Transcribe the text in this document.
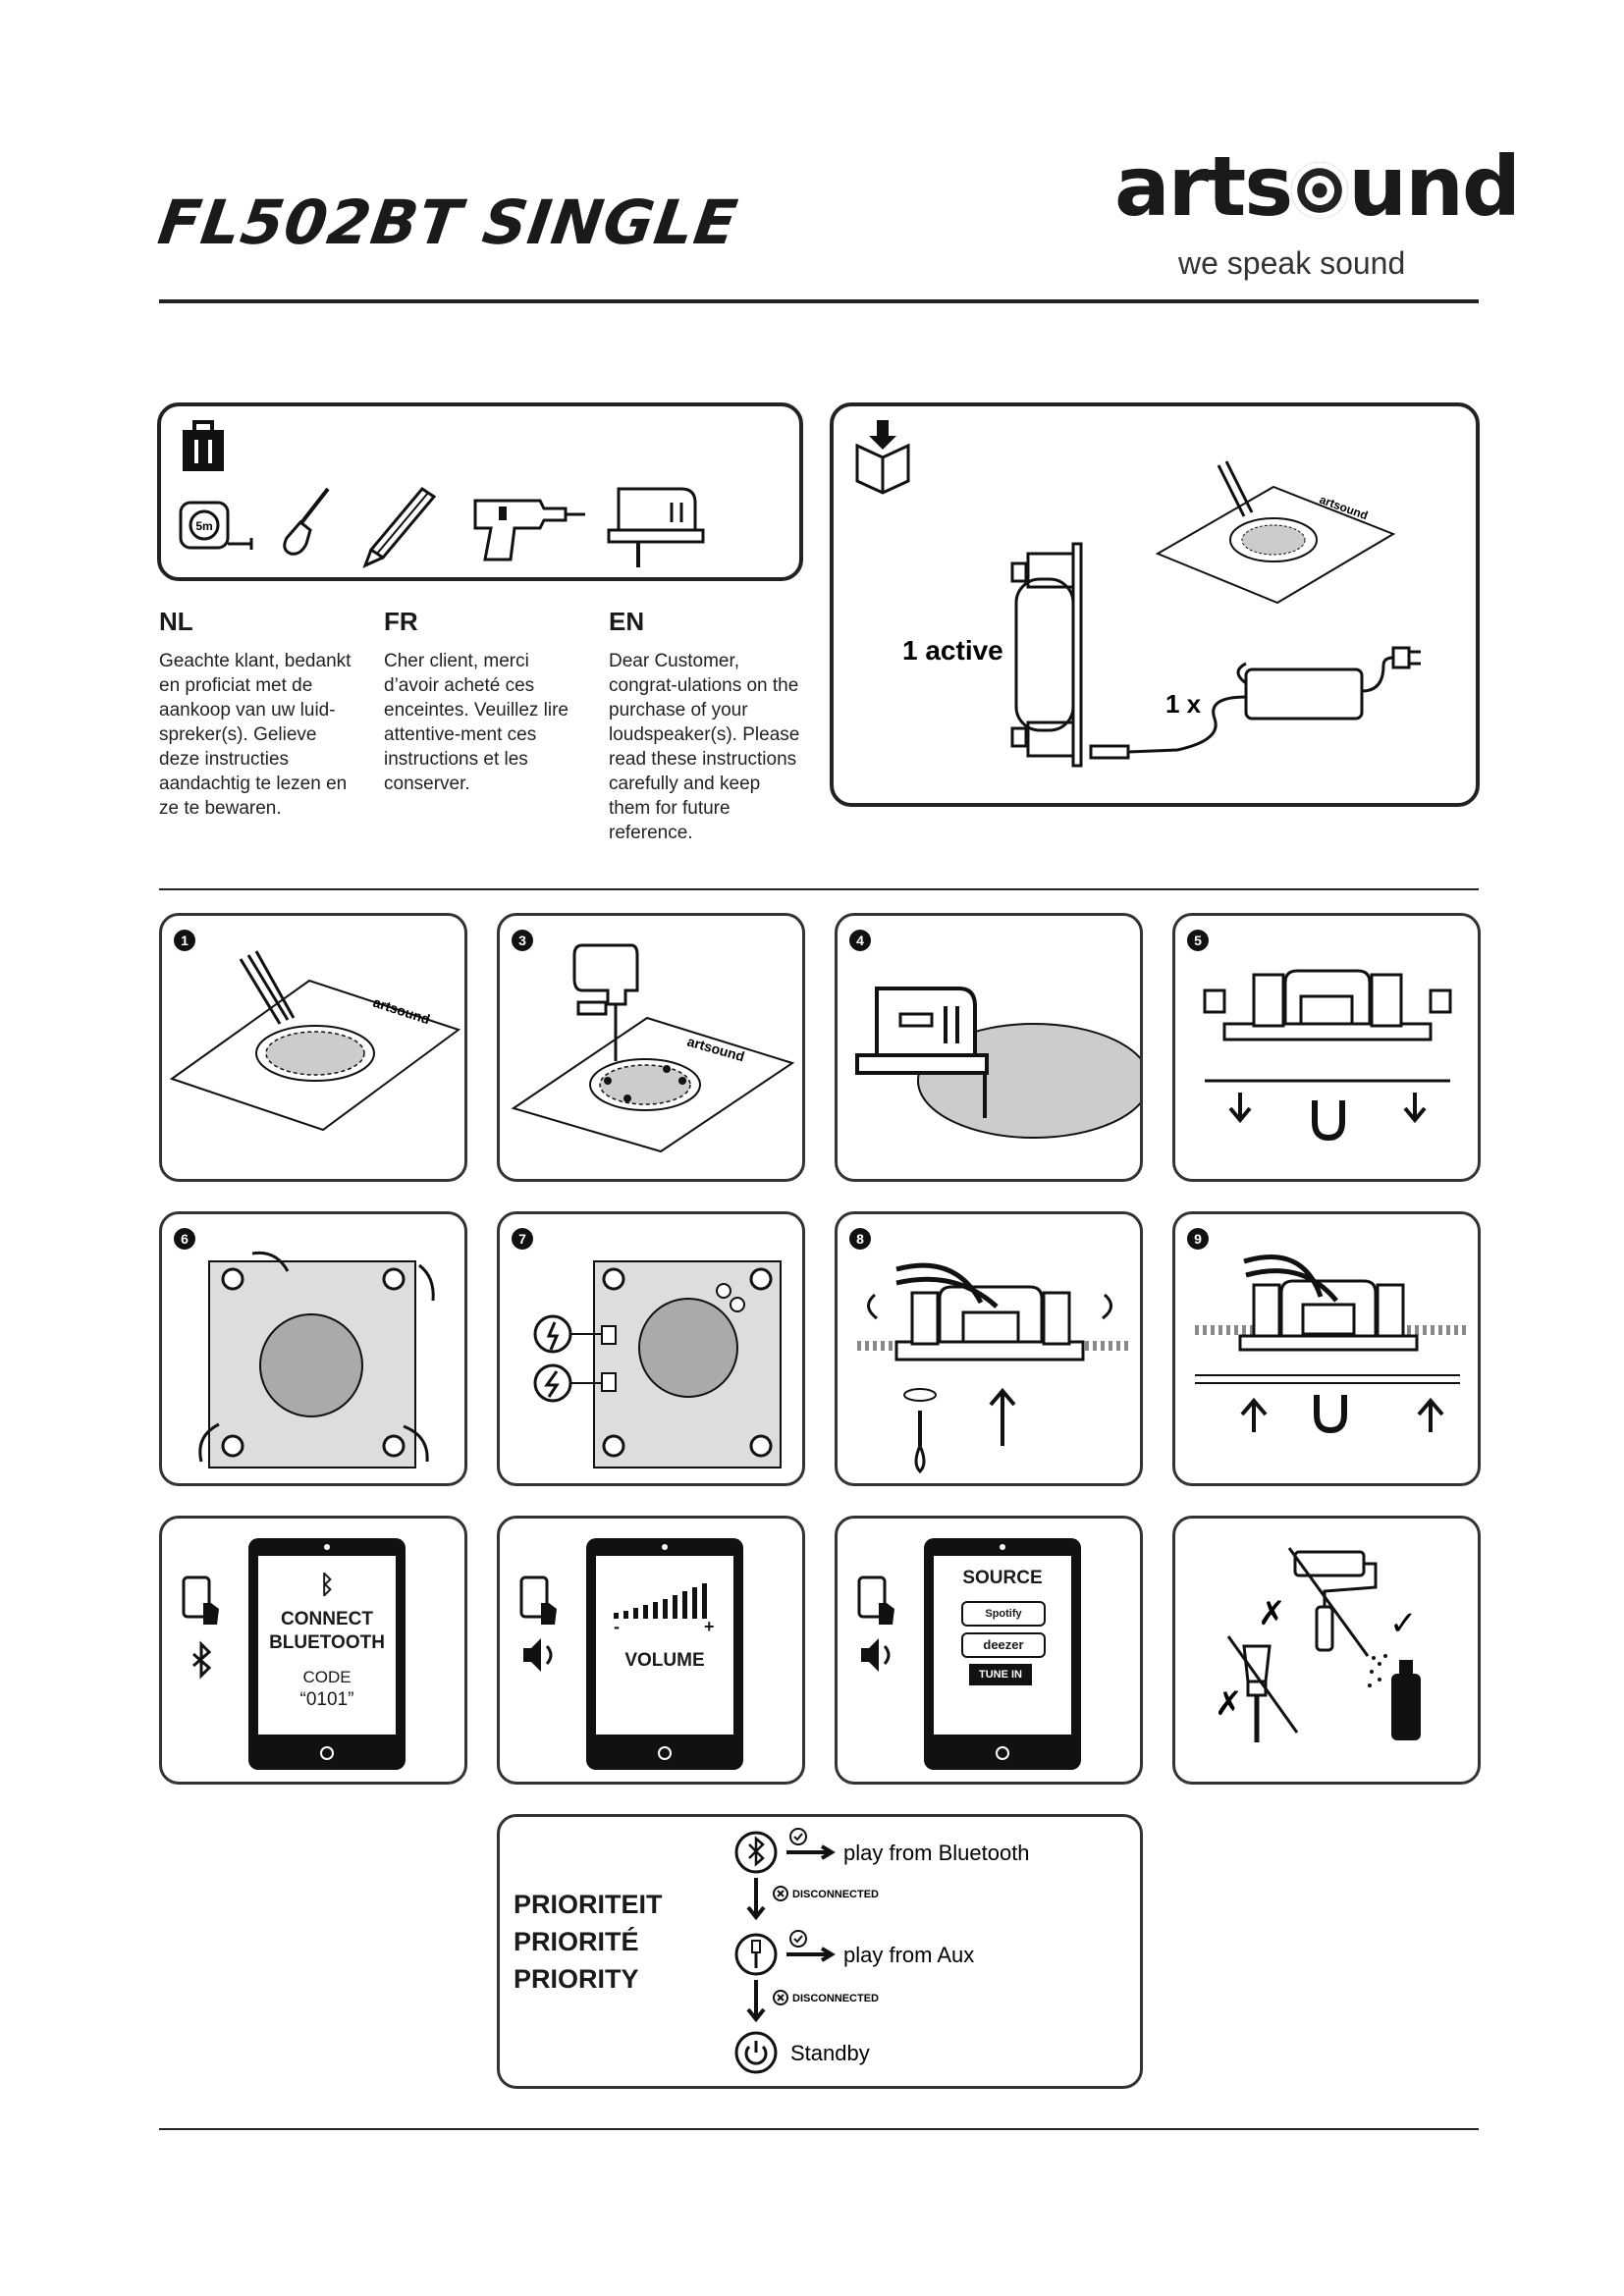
FL502BT SINGLE	arts und
we speak sound
5m
NL
Geachte klant, bedankt en proficiat met de aankoop van uw luid-spreker(s). Gelieve deze instructies aandachtig te lezen en ze te bewaren.
FR
Cher client, merci d’avoir acheté ces enceintes. Veuillez lire attentive-ment ces instructions et les conserver.
EN
Dear Customer, congrat-ulations on the purchase of your loudspeaker(s). Please read these instructions carefully and keep them for future reference.
artsound
1 active
1 x
1
artsound
3
artsound
4	5
6	7	8	9
ᛒ
CONNECT
BLUETOOTH
CODE
“0101”
-	+
VOLUME
SOURCE
Spotify
deezer
TUNE IN
✗
✗
✓
PRIORITEIT
PRIORITÉ
PRIORITY
play from Bluetooth
DISCONNECTED
play from Aux
DISCONNECTED
Standby
